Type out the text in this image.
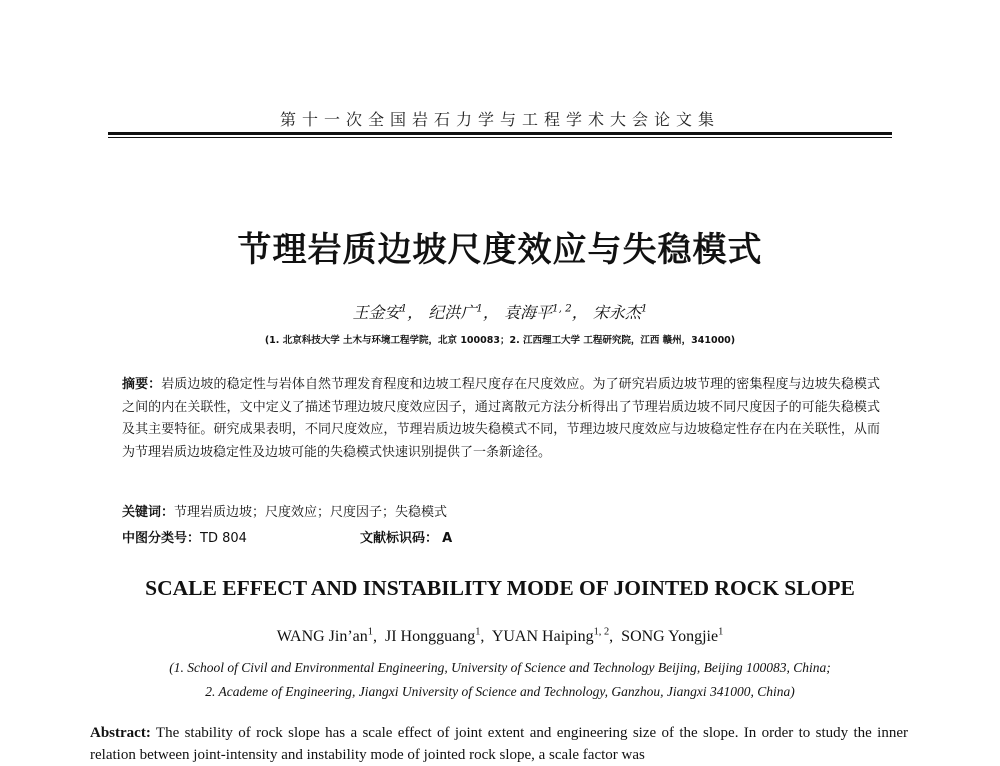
第十一次全国岩石力学与工程学术大会论文集
节理岩质边坡尺度效应与失稳模式
王金安$^1$， 纪洪广$^1$， 袁海平$^{1, 2}$， 宋永杰$^1$
(1. 北京科技大学 土木与环境工程学院，北京 100083；2. 江西理工大学 工程研究院，江西 赣州，341000)
摘要：岩质边坡的稳定性与岩体自然节理发育程度和边坡工程尺度存在尺度效应。为了研究岩质边坡节理的密集程度与边坡失稳模式之间的内在关联性，文中定义了描述节理边坡尺度效应因子，通过离散元方法分析得出了节理岩质边坡不同尺度因子的可能失稳模式及其主要特征。研究成果表明，不同尺度效应，节理岩质边坡失稳模式不同，节理边坡尺度效应与边坡稳定性存在内在关联性，从而为节理岩质边坡稳定性及边坡可能的失稳模式快速识别提供了一条新途径。
关键词：节理岩质边坡；尺度效应；尺度因子；失稳模式
中图分类号：TD 804	文献标识码： A
SCALE EFFECT AND INSTABILITY MODE OF JOINTED ROCK SLOPE
WANG $Jin’an^1$,  JI Hongguang$^1$,  YUAN Haiping$^{1, 2}$,  SONG Yongjie$^1$
(1. School of Civil and Environmental Engineering, University of Science and Technology Beijing, Beijing 100083, China;
2. Academe of Engineering, Jiangxi University of Science and Technology, Ganzhou, Jiangxi 341000, China)
Abstract: The stability of rock slope has a scale effect of joint extent and engineering size of the slope. In order to study the inner relation between joint-intensity and instability mode of jointed rock slope, a scale factor was
